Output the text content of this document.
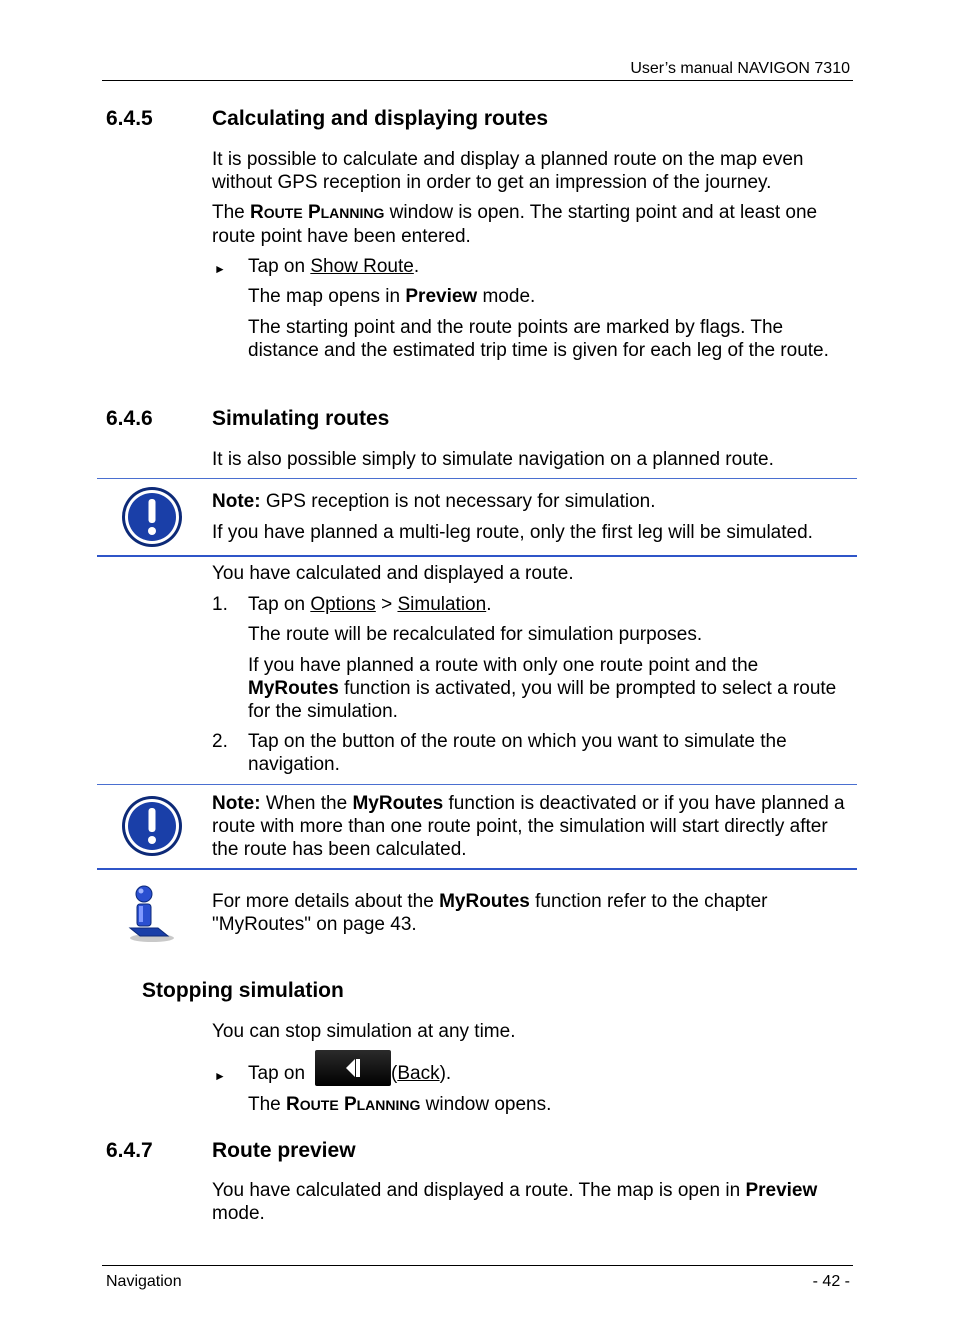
User’s manual NAVIGON 7310
6.4.5	Calculating and displaying routes
It is possible to calculate and display a planned route on the map even without GPS reception in order to get an impression of the journey.
The ROUTE PLANNING window is open. The starting point and at least one route point have been entered.
► Tap on Show Route.
The map opens in Preview mode.
The starting point and the route points are marked by flags. The distance and the estimated trip time is given for each leg of the route.
6.4.6	Simulating routes
It is also possible simply to simulate navigation on a planned route.
Note: GPS reception is not necessary for simulation.
If you have planned a multi-leg route, only the first leg will be simulated.
You have calculated and displayed a route.
1. Tap on Options > Simulation.
The route will be recalculated for simulation purposes.
If you have planned a route with only one route point and the MyRoutes function is activated, you will be prompted to select a route for the simulation.
2. Tap on the button of the route on which you want to simulate the navigation.
Note: When the MyRoutes function is deactivated or if you have planned a route with more than one route point, the simulation will start directly after the route has been calculated.
For more details about the MyRoutes function refer to the chapter "MyRoutes" on page 43.
Stopping simulation
You can stop simulation at any time.
► Tap on	(Back).
The ROUTE PLANNING window opens.
6.4.7	Route preview
You have calculated and displayed a route. The map is open in Preview mode.
Navigation	- 42 -
